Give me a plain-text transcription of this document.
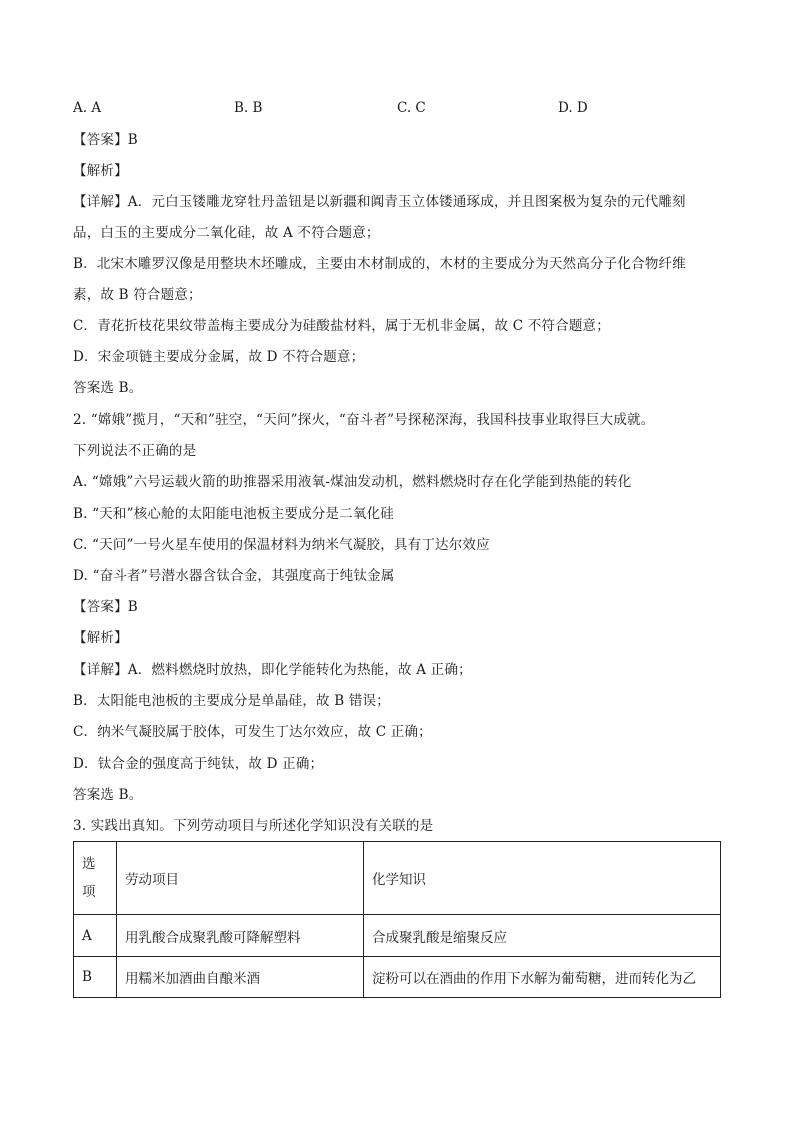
A. A	B. B	C. C	D. D
【答案】B
【解析】
【详解】A．元白玉镂雕龙穿牡丹盖钮是以新疆和阗青玉立体镂通琢成，并且图案极为复杂的元代雕刻
品，白玉的主要成分二氧化硅，故 A 不符合题意；
B．北宋木雕罗汉像是用整块木坯雕成，主要由木材制成的，木材的主要成分为天然高分子化合物纤维
素，故 B 符合题意；
C．青花折枝花果纹带盖梅主要成分为硅酸盐材料，属于无机非金属，故 C 不符合题意；
D．宋金项链主要成分金属，故 D 不符合题意；
答案选 B。
2. “嫦娥”揽月，“天和”驻空，“天问”探火，“奋斗者”号探秘深海，我国科技事业取得巨大成就。
下列说法不正确的是
A. “嫦娥”六号运载火箭的助推器采用液氧-煤油发动机，燃料燃烧时存在化学能到热能的转化
B. “天和”核心舱的太阳能电池板主要成分是二氧化硅
C. “天问”一号火星车使用的保温材料为纳米气凝胶，具有丁达尔效应
D. “奋斗者”号潜水器含钛合金，其强度高于纯钛金属
【答案】B
【解析】
【详解】A．燃料燃烧时放热，即化学能转化为热能，故 A 正确；
B．太阳能电池板的主要成分是单晶硅，故 B 错误；
C．纳米气凝胶属于胶体，可发生丁达尔效应，故 C 正确；
D．钛合金的强度高于纯钛，故 D 正确；
答案选 B。
3. 实践出真知。下列劳动项目与所述化学知识没有关联的是
选
项	劳动项目	化学知识
A	用乳酸合成聚乳酸可降解塑料	合成聚乳酸是缩聚反应
B	用糯米加酒曲自酿米酒	淀粉可以在酒曲的作用下水解为葡萄糖，进而转化为乙
